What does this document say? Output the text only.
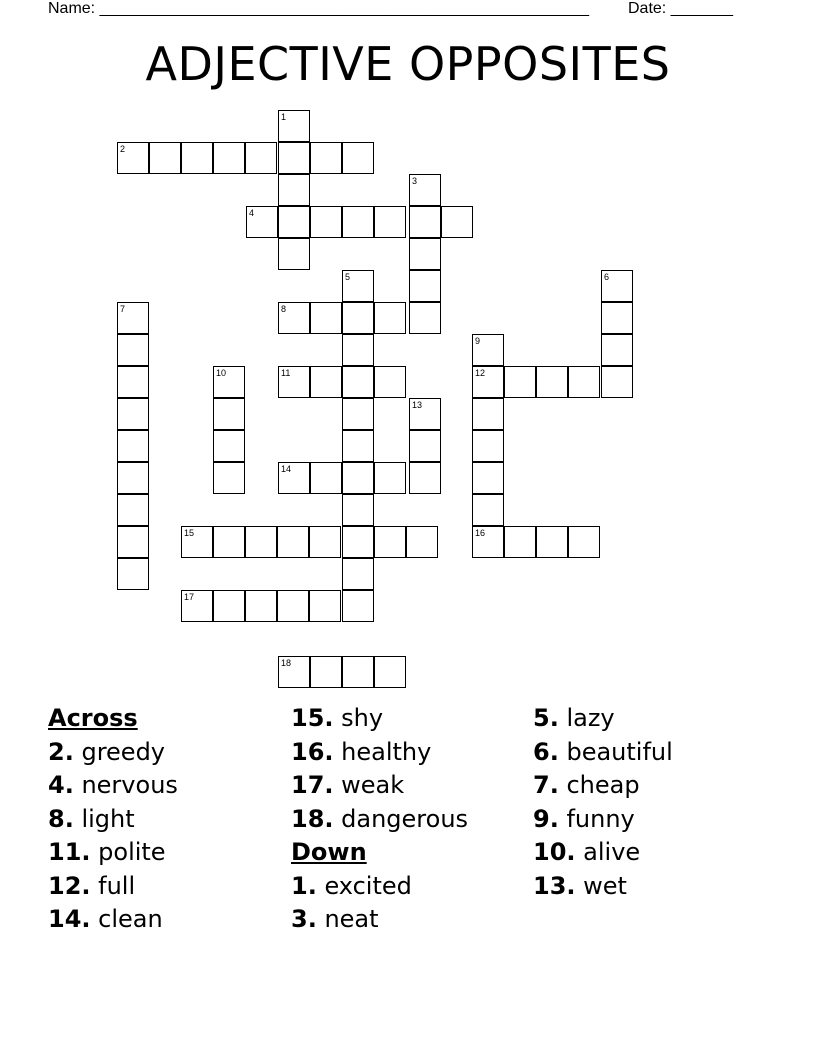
Name: _______________________________________________________ Date: _______
ADJECTIVE OPPOSITES
1
2
3
4
5	6
7	8
9
10	11
13
14
15
17
18
12
16
Across
2. greedy
4. nervous
8. light
11. polite
12. full
14. clean
15. shy
16. healthy
17. weak
18. dangerous
Down
1. excited
3. neat
5. lazy
6. beautiful
7. cheap
9. funny
10. alive
13. wet
